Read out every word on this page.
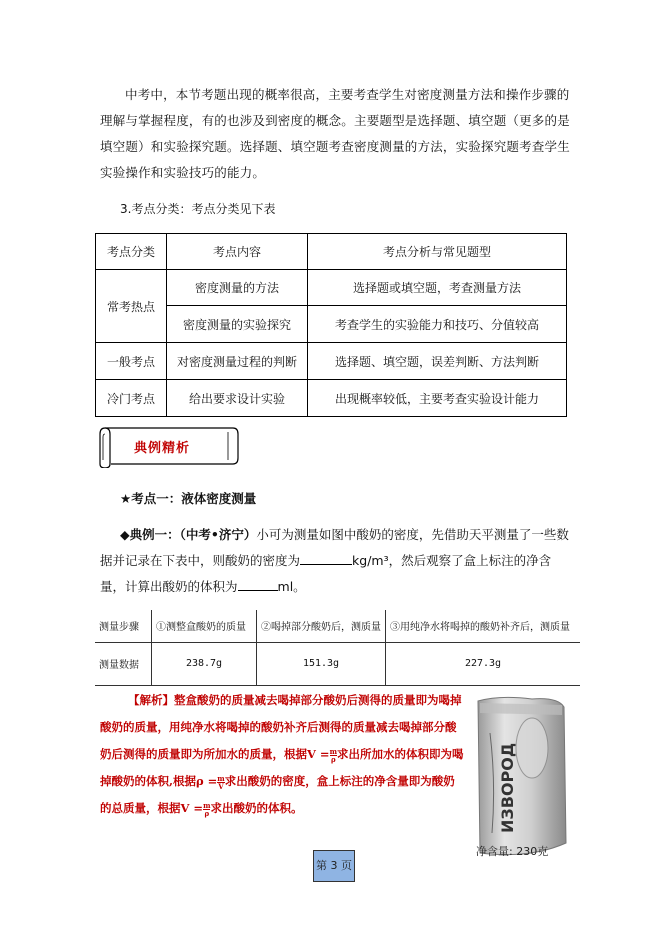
中考中，本节考题出现的概率很高，主要考查学生对密度测量方法和操作步骤的理解与掌握程度，有的也涉及到密度的概念。主要题型是选择题、填空题（更多的是填空题）和实验探究题。选择题、填空题考查密度测量的方法，实验探究题考查学生实验操作和实验技巧的能力。
3.考点分类：考点分类见下表
考点分类	考点内容	考点分析与常见题型
常考热点	密度测量的方法	选择题或填空题，考查测量方法
	密度测量的实验探究	考查学生的实验能力和技巧、分值较高
一般考点	对密度测量过程的判断	选择题、填空题，误差判断、方法判断
冷门考点	给出要求设计实验	出现概率较低，主要考查实验设计能力
典例精析
★考点一：液体密度测量
◆典例一：（中考•济宁）小可为测量如图中酸奶的密度，先借助天平测量了一些数据并记录在下表中，则酸奶的密度为	kg/m³，然后观察了盒上标注的净含量，计算出酸奶的体积为	ml。
测量步骤	①测整盒酸奶的质量	②喝掉部分酸奶后，测质量	③用纯净水将喝掉的酸奶补齐后，测质量
测量数据	238.7g	151.3g	227.3g
【解析】整盒酸奶的质量减去喝掉部分酸奶后测得的质量即为喝掉酸奶的质量，用纯净水将喝掉的酸奶补齐后测得的质量减去喝掉部分酸奶后测得的质量即为所加水的质量，根据$V = \frac{m}{\rho}$ 求出所加水的体积即为喝掉酸奶的体积,根据$\rho = \frac{m}{V}$ 求出酸奶的密度，盒上标注的净含量即为酸奶的总质量，根据$V = \frac{m}{\rho}$ 求出酸奶的体积。	ИЗВОРОД
净含量: 230克
第 3 页
